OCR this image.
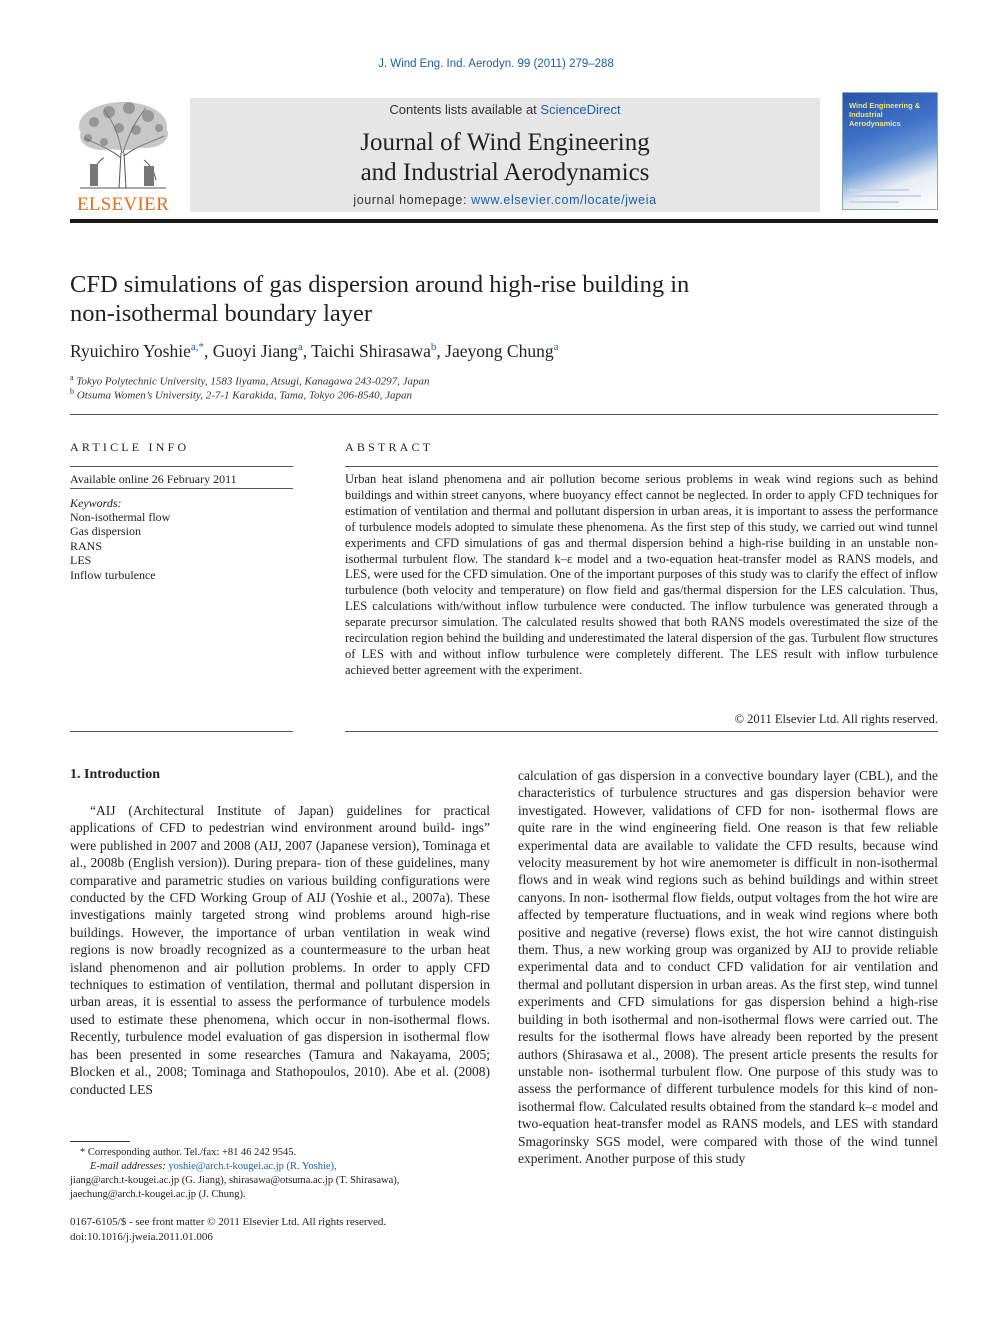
J. Wind Eng. Ind. Aerodyn. 99 (2011) 279–288
ELSEVIER
Contents lists available at ScienceDirect
Journal of Wind Engineering
and Industrial Aerodynamics
journal homepage: www.elsevier.com/locate/jweia
Wind Engineering & Industrial Aerodynamics
CFD simulations of gas dispersion around high-rise building in
non-isothermal boundary layer
Ryuichiro Yoshie$^{a,*}$, Guoyi Jiang$^a$, Taichi Shirasawa$^b$, Jaeyong Chung$^a$
$^a$ Tokyo Polytechnic University, 1583 Iiyama, Atsugi, Kanagawa 243-0297, Japan
$^b$ Otsuma Women’s University, 2-7-1 Karakida, Tama, Tokyo 206-8540, Japan
ARTICLE INFO
Available online 26 February 2011
Keywords:
Non-isothermal flow
Gas dispersion
RANS
LES
Inflow turbulence
ABSTRACT
Urban heat island phenomena and air pollution become serious problems in weak wind regions such as behind buildings and within street canyons, where buoyancy effect cannot be neglected. In order to apply CFD techniques for estimation of ventilation and thermal and pollutant dispersion in urban areas, it is important to assess the performance of turbulence models adopted to simulate these phenomena. As the first step of this study, we carried out wind tunnel experiments and CFD simulations of gas and thermal dispersion behind a high-rise building in an unstable non-isothermal turbulent flow. The standard k–ε model and a two-equation heat-transfer model as RANS models, and LES, were used for the CFD simulation. One of the important purposes of this study was to clarify the effect of inflow turbulence (both velocity and temperature) on flow field and gas/thermal dispersion for the LES calculation. Thus, LES calculations with/without inflow turbulence were conducted. The inflow turbulence was generated through a separate precursor simulation. The calculated results showed that both RANS models overestimated the size of the recirculation region behind the building and underestimated the lateral dispersion of the gas. Turbulent flow structures of LES with and without inflow turbulence were completely different. The LES result with inflow turbulence achieved better agreement with the experiment.
© 2011 Elsevier Ltd. All rights reserved.
1. Introduction
“AIJ (Architectural Institute of Japan) guidelines for practical applications of CFD to pedestrian wind environment around build- ings” were published in 2007 and 2008 (AIJ, 2007 (Japanese version), Tominaga et al., 2008b (English version)). During prepara- tion of these guidelines, many comparative and parametric studies on various building configurations were conducted by the CFD Working Group of AIJ (Yoshie et al., 2007a). These investigations mainly targeted strong wind problems around high-rise buildings. However, the importance of urban ventilation in weak wind regions is now broadly recognized as a countermeasure to the urban heat island phenomenon and air pollution problems. In order to apply CFD techniques to estimation of ventilation, thermal and pollutant dispersion in urban areas, it is essential to assess the performance of turbulence models used to estimate these phenomena, which occur in non-isothermal flows. Recently, turbulence model evaluation of gas dispersion in isothermal flow has been presented in some researches (Tamura and Nakayama, 2005; Blocken et al., 2008; Tominaga and Stathopoulos, 2010). Abe et al. (2008) conducted LES
calculation of gas dispersion in a convective boundary layer (CBL), and the characteristics of turbulence structures and gas dispersion behavior were investigated. However, validations of CFD for non- isothermal flows are quite rare in the wind engineering field. One reason is that few reliable experimental data are available to validate the CFD results, because wind velocity measurement by hot wire anemometer is difficult in non-isothermal flows and in weak wind regions such as behind buildings and within street canyons. In non- isothermal flow fields, output voltages from the hot wire are affected by temperature fluctuations, and in weak wind regions where both positive and negative (reverse) flows exist, the hot wire cannot distinguish them. Thus, a new working group was organized by AIJ to provide reliable experimental data and to conduct CFD validation for air ventilation and thermal and pollutant dispersion in urban areas. As the first step, wind tunnel experiments and CFD simulations for gas dispersion behind a high-rise building in both isothermal and non-isothermal flows were carried out. The results for the isothermal flows have already been reported by the present authors (Shirasawa et al., 2008). The present article presents the results for unstable non- isothermal turbulent flow. One purpose of this study was to assess the performance of different turbulence models for this kind of non- isothermal flow. Calculated results obtained from the standard k–ε model and two-equation heat-transfer model as RANS models, and LES with standard Smagorinsky SGS model, were compared with those of the wind tunnel experiment. Another purpose of this study
* Corresponding author. Tel./fax: +81 46 242 9545.
E-mail addresses: yoshie@arch.t-kougei.ac.jp (R. Yoshie),
jiang@arch.t-kougei.ac.jp (G. Jiang), shirasawa@otsuma.ac.jp (T. Shirasawa),
jaechung@arch.t-kougei.ac.jp (J. Chung).
0167-6105/$ - see front matter © 2011 Elsevier Ltd. All rights reserved.
doi:10.1016/j.jweia.2011.01.006
